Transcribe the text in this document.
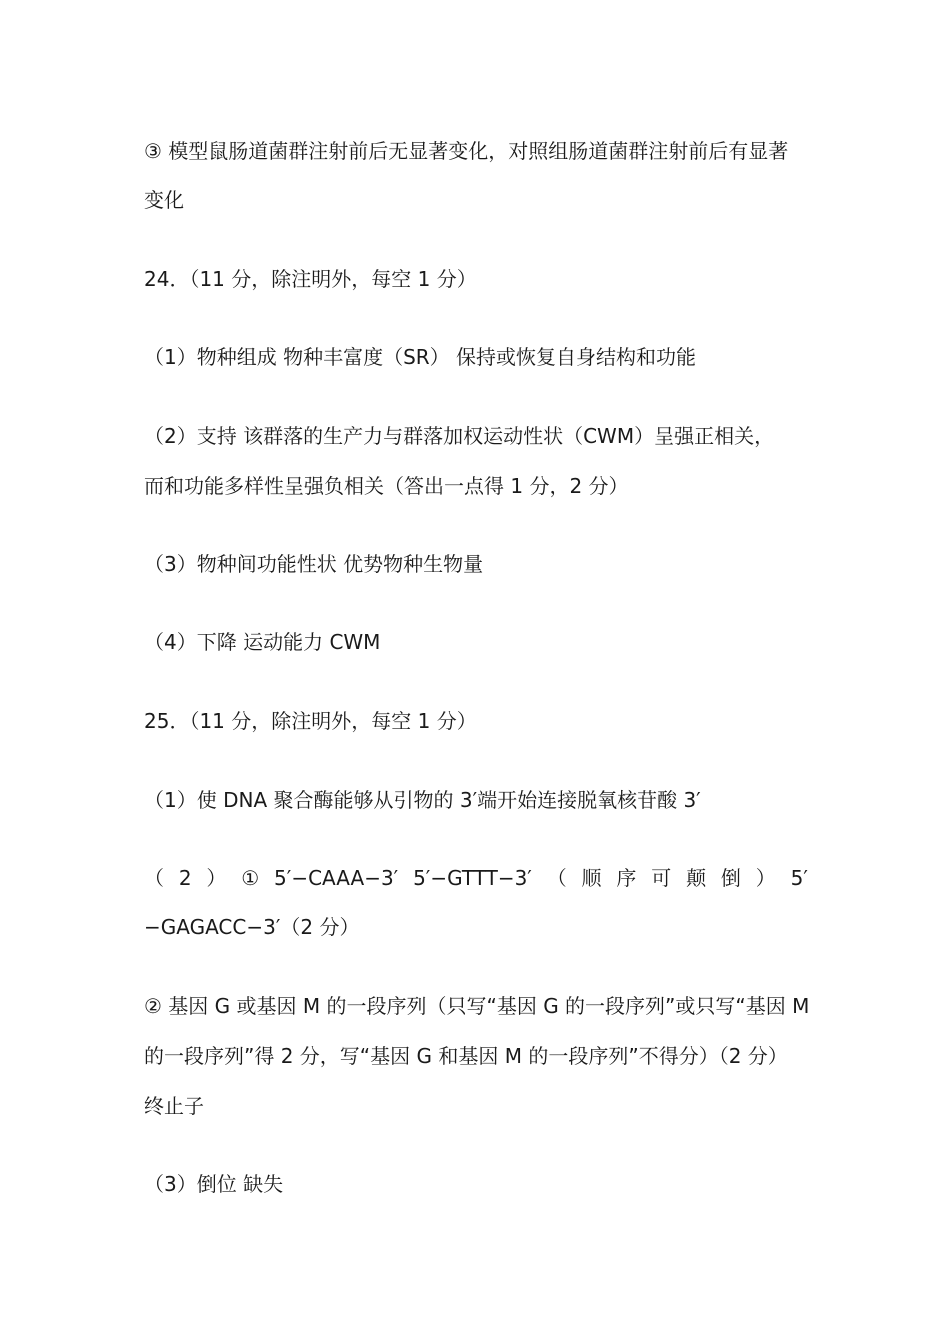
③ 模型鼠肠道菌群注射前后无显著变化，对照组肠道菌群注射前后有显著
变化
24．（11 分，除注明外，每空 1 分）
（1）物种组成 物种丰富度（SR） 保持或恢复自身结构和功能
（2）支持 该群落的生产力与群落加权运动性状（CWM）呈强正相关，
而和功能多样性呈强负相关（答出一点得 1 分，2 分）
（3）物种间功能性状 优势物种生物量
（4）下降 运动能力 CWM
25．（11 分，除注明外，每空 1 分）
（1）使 DNA 聚合酶能够从引物的 3′端开始连接脱氧核苷酸 3′
（ 2 ） ① 5′−CAAA−3′ 5′−GTTT−3′ （ 顺 序 可 颠 倒 ） 5′
−GAGACC−3′（2 分）
② 基因 G 或基因 M 的一段序列（只写“基因 G 的一段序列”或只写“基因 M
的一段序列”得 2 分，写“基因 G 和基因 M 的一段序列”不得分）（2 分）
终止子
（3）倒位 缺失
